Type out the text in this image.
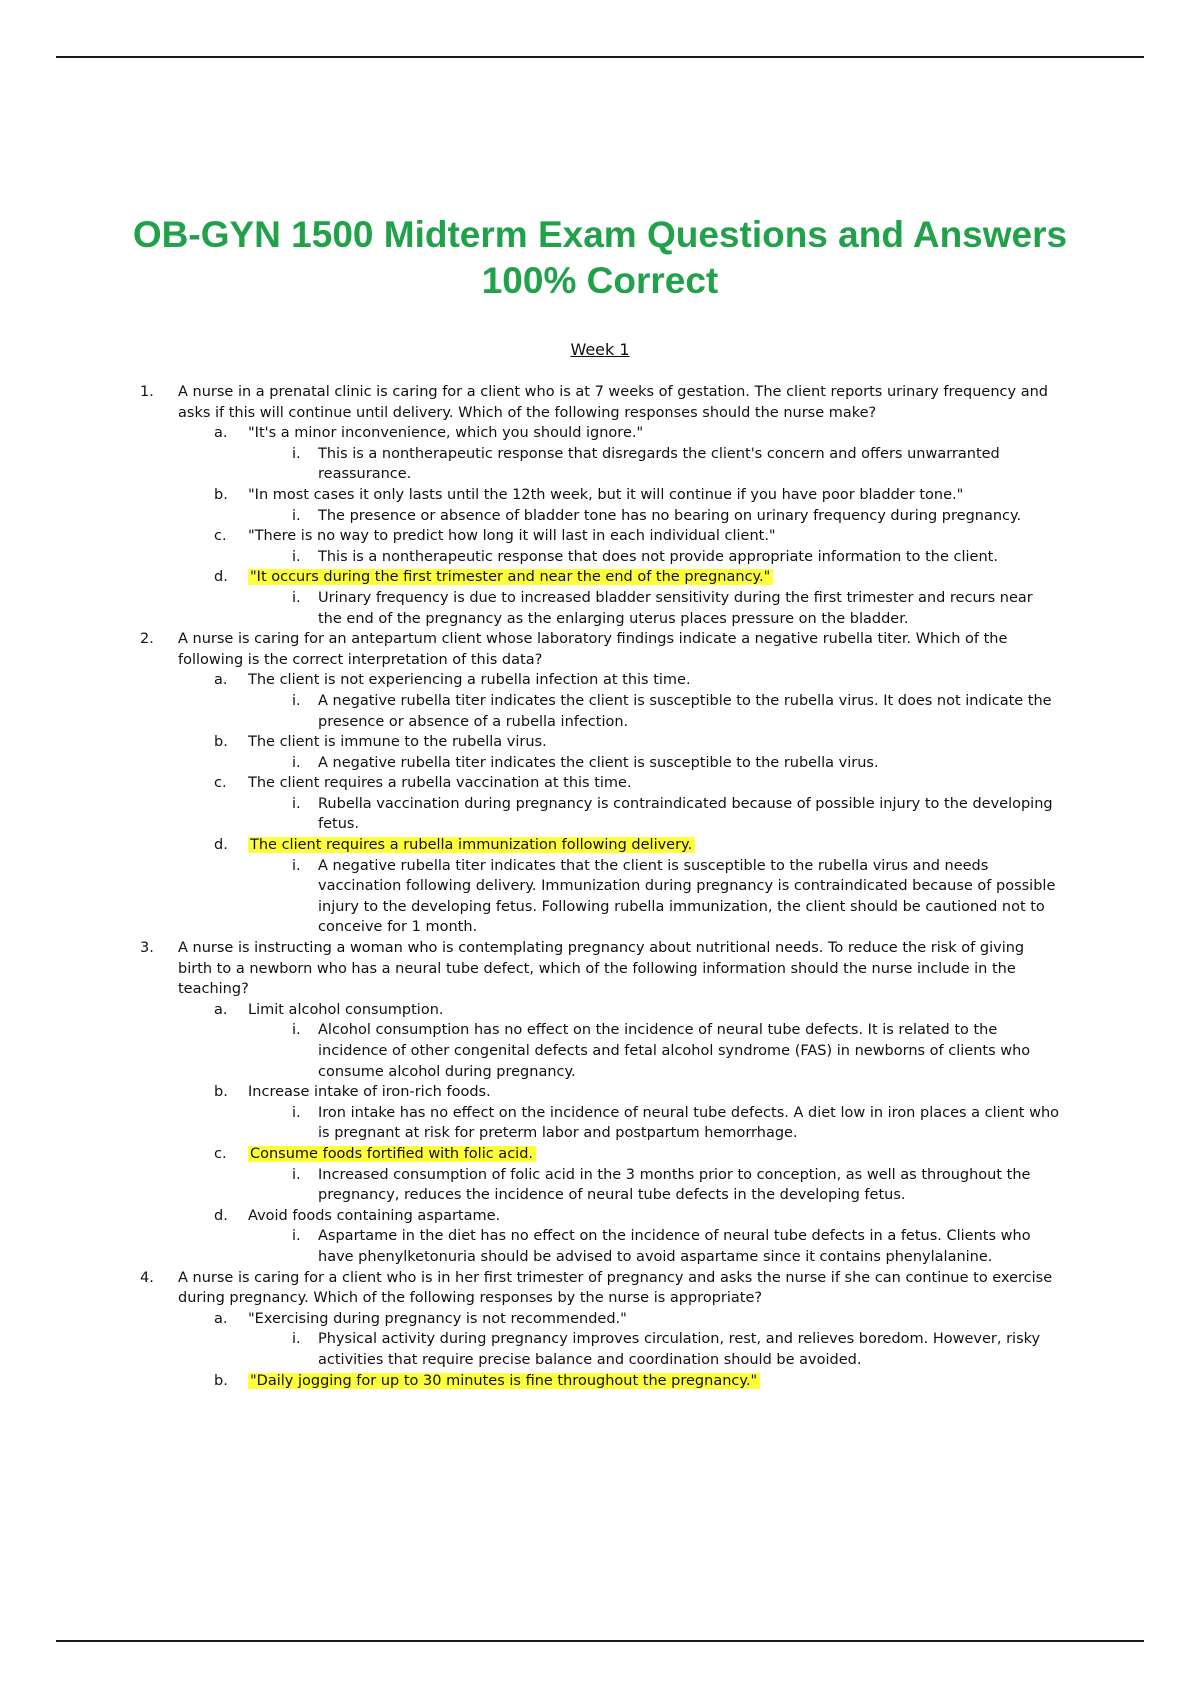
OB-GYN 1500 Midterm Exam Questions and Answers 100% Correct
Week 1
1. A nurse in a prenatal clinic is caring for a client who is at 7 weeks of gestation. The client reports urinary frequency and asks if this will continue until delivery. Which of the following responses should the nurse make?
a. "It's a minor inconvenience, which you should ignore."
i. This is a nontherapeutic response that disregards the client's concern and offers unwarranted reassurance.
b. "In most cases it only lasts until the 12th week, but it will continue if you have poor bladder tone."
i. The presence or absence of bladder tone has no bearing on urinary frequency during pregnancy.
c. "There is no way to predict how long it will last in each individual client."
i. This is a nontherapeutic response that does not provide appropriate information to the client.
d. "It occurs during the first trimester and near the end of the pregnancy."
i. Urinary frequency is due to increased bladder sensitivity during the first trimester and recurs near the end of the pregnancy as the enlarging uterus places pressure on the bladder.
2. A nurse is caring for an antepartum client whose laboratory findings indicate a negative rubella titer. Which of the following is the correct interpretation of this data?
a. The client is not experiencing a rubella infection at this time.
i. A negative rubella titer indicates the client is susceptible to the rubella virus. It does not indicate the presence or absence of a rubella infection.
b. The client is immune to the rubella virus.
i. A negative rubella titer indicates the client is susceptible to the rubella virus.
c. The client requires a rubella vaccination at this time.
i. Rubella vaccination during pregnancy is contraindicated because of possible injury to the developing fetus.
d. The client requires a rubella immunization following delivery.
i. A negative rubella titer indicates that the client is susceptible to the rubella virus and needs vaccination following delivery. Immunization during pregnancy is contraindicated because of possible injury to the developing fetus. Following rubella immunization, the client should be cautioned not to conceive for 1 month.
3. A nurse is instructing a woman who is contemplating pregnancy about nutritional needs. To reduce the risk of giving birth to a newborn who has a neural tube defect, which of the following information should the nurse include in the teaching?
a. Limit alcohol consumption.
i. Alcohol consumption has no effect on the incidence of neural tube defects. It is related to the incidence of other congenital defects and fetal alcohol syndrome (FAS) in newborns of clients who consume alcohol during pregnancy.
b. Increase intake of iron-rich foods.
i. Iron intake has no effect on the incidence of neural tube defects. A diet low in iron places a client who is pregnant at risk for preterm labor and postpartum hemorrhage.
c. Consume foods fortified with folic acid.
i. Increased consumption of folic acid in the 3 months prior to conception, as well as throughout the pregnancy, reduces the incidence of neural tube defects in the developing fetus.
d. Avoid foods containing aspartame.
i. Aspartame in the diet has no effect on the incidence of neural tube defects in a fetus. Clients who have phenylketonuria should be advised to avoid aspartame since it contains phenylalanine.
4. A nurse is caring for a client who is in her first trimester of pregnancy and asks the nurse if she can continue to exercise during pregnancy. Which of the following responses by the nurse is appropriate?
a. "Exercising during pregnancy is not recommended."
i. Physical activity during pregnancy improves circulation, rest, and relieves boredom. However, risky activities that require precise balance and coordination should be avoided.
b. "Daily jogging for up to 30 minutes is fine throughout the pregnancy."
